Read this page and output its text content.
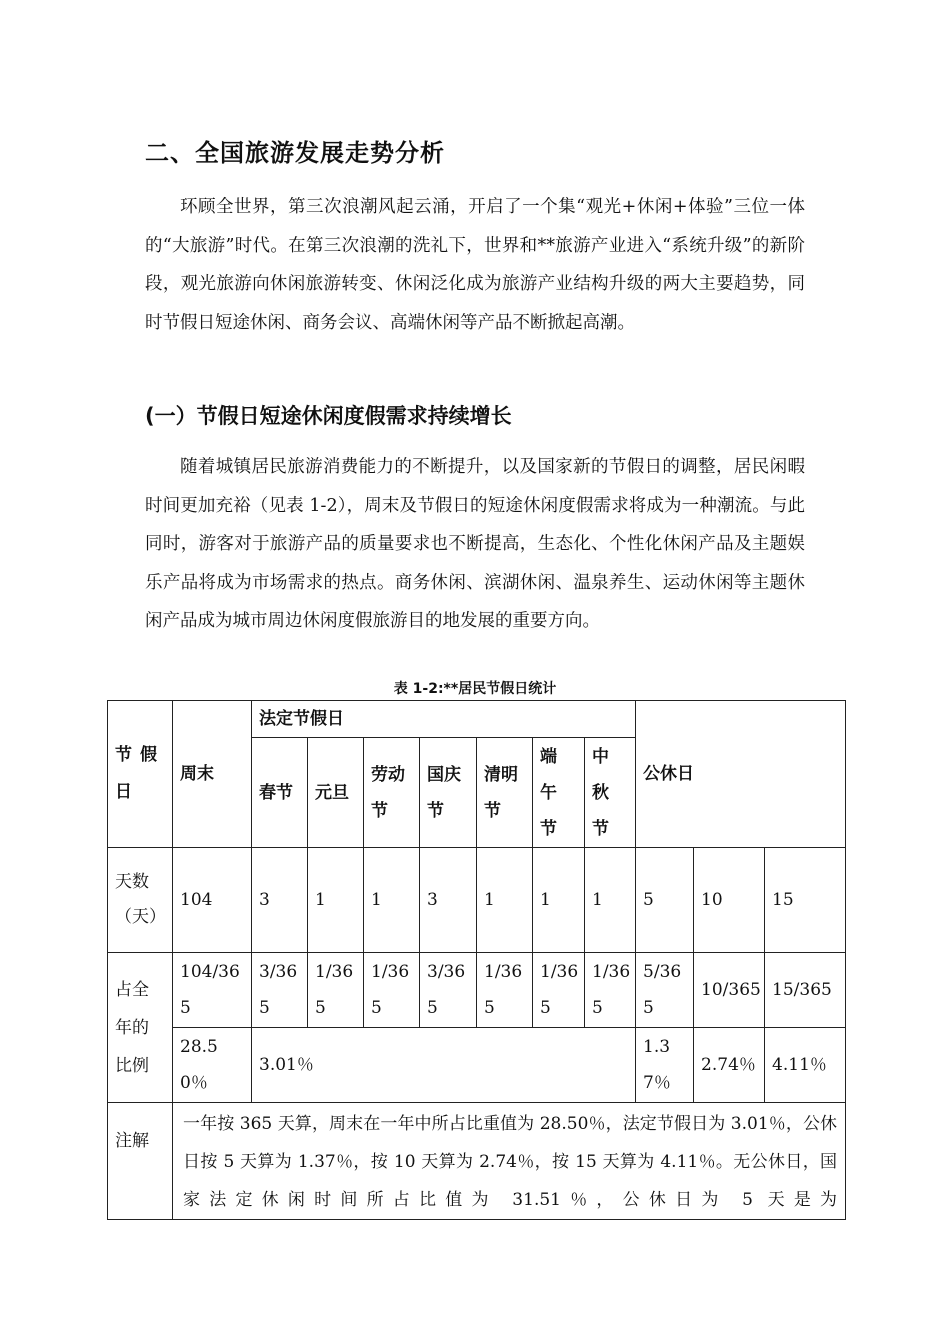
二、全国旅游发展走势分析
环顾全世界，第三次浪潮风起云涌，开启了一个集“观光+休闲+体验”三位一体的“大旅游”时代。在第三次浪潮的洗礼下，世界和**旅游产业进入“系统升级”的新阶段，观光旅游向休闲旅游转变、休闲泛化成为旅游产业结构升级的两大主要趋势，同时节假日短途休闲、商务会议、高端休闲等产品不断掀起高潮。
(一）节假日短途休闲度假需求持续增长
随着城镇居民旅游消费能力的不断提升，以及国家新的节假日的调整，居民闲暇时间更加充裕（见表 1-2），周末及节假日的短途休闲度假需求将成为一种潮流。与此同时，游客对于旅游产品的质量要求也不断提高，生态化、个性化休闲产品及主题娱乐产品将成为市场需求的热点。商务休闲、滨湖休闲、温泉养生、运动休闲等主题休闲产品成为城市周边休闲度假旅游目的地发展的重要方向。
表 1-2:**居民节假日统计
节 假日	周末	法定节假日							公休日		

		春节	元旦	劳动节	国庆节	清明节	端午节	中秋节			

天数（天）	104	3	1	1	3	1	1	1	5	10	15

占全年的比例	104/365	3/365	1/365	1/365	3/365	1/365	1/365	1/365	5/365	10/365	15/365

	28.50％	3.01％							1.37％	2.74％	4.11％
注解	一年按 365 天算，周末在一年中所占比重值为 28.50％，法定节假日为 3.01％，公休日按 5 天算为 1.37％，按 10 天算为 2.74％，按 15 天算为 4.11％。无公休日，国家法定休闲时间所占比值为 31.51％，公休日为 5 天是为										
